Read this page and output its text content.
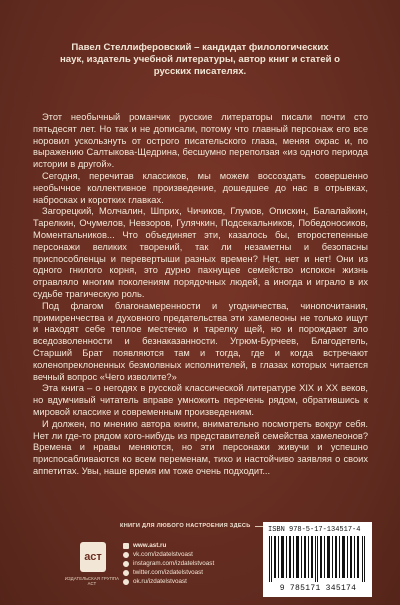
Павел Стеллиферовский – кандидат филологических наук, издатель учебной литературы, автор книг и статей о русских писателях.

Этот необычный романчик русские литераторы писали почти сто пятьдесят лет. Но так и не дописали, потому что главный персонаж его все норовил ускользнуть от острого писательского глаза, меняя окрас и, по выражению Салтыкова-Щедрина, бесшумно переползая «из одного периода истории в другой».

Сегодня, перечитав классиков, мы можем воссоздать совершенно необычное коллективное произведение, дошедшее до нас в отрывках, набросках и коротких главках.

Загорецкий, Молчалин, Шприх, Чичиков, Глумов, Опискин, Балалайкин, Тарелкин, Очумелов, Невзоров, Гулячкин, Подсекальников, Победоносиков, Моментальников... Что объединяет эти, казалось бы, второстепенные персонажи великих творений, так ли незаметны и безопасны приспособленцы и перевертыши разных времен? Нет, нет и нет! Они из одного гнилого корня, это дурно пахнущее семейство испокон жизнь отравляло многим поколениям порядочных людей, а иногда и играло в их судьбе трагическую роль.

Под флагом благонамеренности и угодничества, чинопочитания, примиренчества и духовного предательства эти хамелеоны не только ищут и находят себе теплое местечко и тарелку щей, но и порождают зло вседозволенности и безнаказанности. Угрюм-Бурчеев, Благодетель, Старший Брат появляются там и тогда, где и когда встречают коленопреклоненных безмолвных исполнителей, в глазах которых читается вечный вопрос «Чего изволите?»

Эта книга – о негодях в русской классической литературе XIX и XX веков, но вдумчивый читатель вправе умножить перечень рядом, обратившись к мировой классике и современным произведениям.

И должен, по мнению автора книги, внимательно посмотреть вокруг себя. Нет ли где-то рядом кого-нибудь из представителей семейства хамелеонов? Времена и нравы меняются, но эти персонажи живучи и успешно приспосабливаются ко всем переменам, тихо и настойчиво заявляя о своих аппетитах. Увы, наше время им тоже очень подходит...

КНИГИ ДЛЯ ЛЮБОГО НАСТРОЕНИЯ ЗДЕСЬ
аст
ИЗДАТЕЛЬСКАЯ ГРУППА АСТ
www.ast.ru
vk.com/izdatelstvoast
instagram.com/izdatelstvoast
twitter.com/izdatelstvoast
ok.ru/izdatelstvoast
ISBN 978-5-17-134517-4
9 785171 345174
